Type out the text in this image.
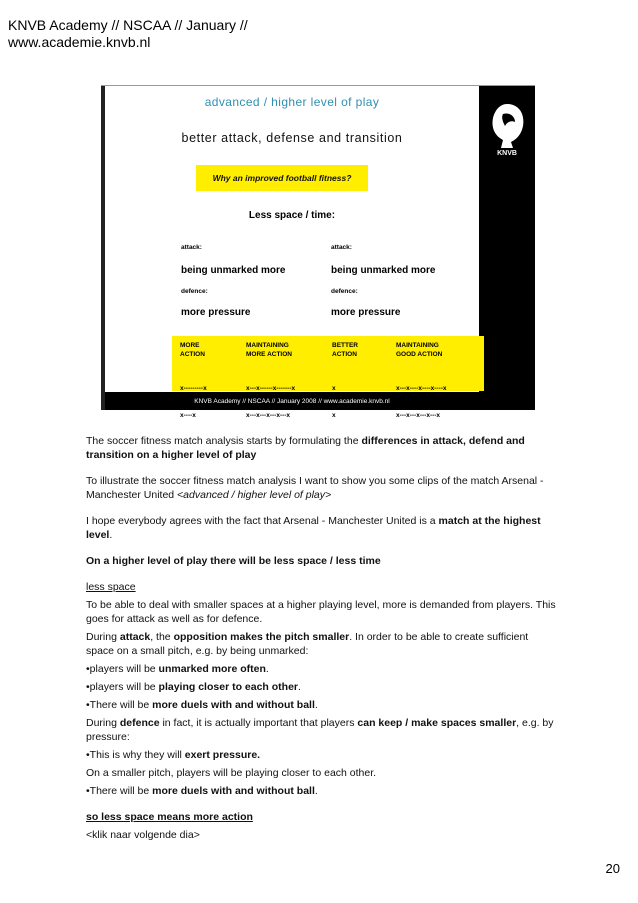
KNVB Academy // NSCAA // January //
www.academie.knvb.nl
KNVB
advanced / higher level of play
better attack, defense and transition
Why an improved football fitness?
Less space / time:
attack:
being unmarked more
defence:
more pressure
attack:
being unmarked more
defence:
more pressure
MORE
ACTION
MAINTAINING
MORE ACTION
BETTER
ACTION
MAINTAINING
GOOD ACTION

x---------x

x----x

x---x------x-------x

x---x---x---x---x

x

x

x---x----x----x----x

x---x---x---x---x

KNVB Academy // NSCAA // January 2008 // www.academie.knvb.nl

The soccer fitness match analysis starts by formulating the differences in attack, defend and transition on a higher level of play

To illustrate the soccer fitness match analysis I want to show you some clips of the match Arsenal - Manchester United <advanced / higher level of play>

I hope everybody agrees with the fact that Arsenal - Manchester United is a match at the highest level.

On a higher level of play there will be less space / less time

less space

To be able to deal with smaller spaces at a higher playing level, more is demanded from players. This goes for attack as well as for defence.

During attack, the opposition makes the pitch smaller. In order to be able to create sufficient space on a small pitch, e.g. by being unmarked:

•players will be unmarked more often.

•players will be playing closer to each other.

•There will be more duels with and without ball.

During defence in fact, it is actually important that players can keep / make spaces smaller, e.g. by pressure:

•This is why they will exert pressure.

On a smaller pitch, players will be playing closer to each other.

•There will be more duels with and without ball.

so less space means more action

<klik naar volgende dia>

20
